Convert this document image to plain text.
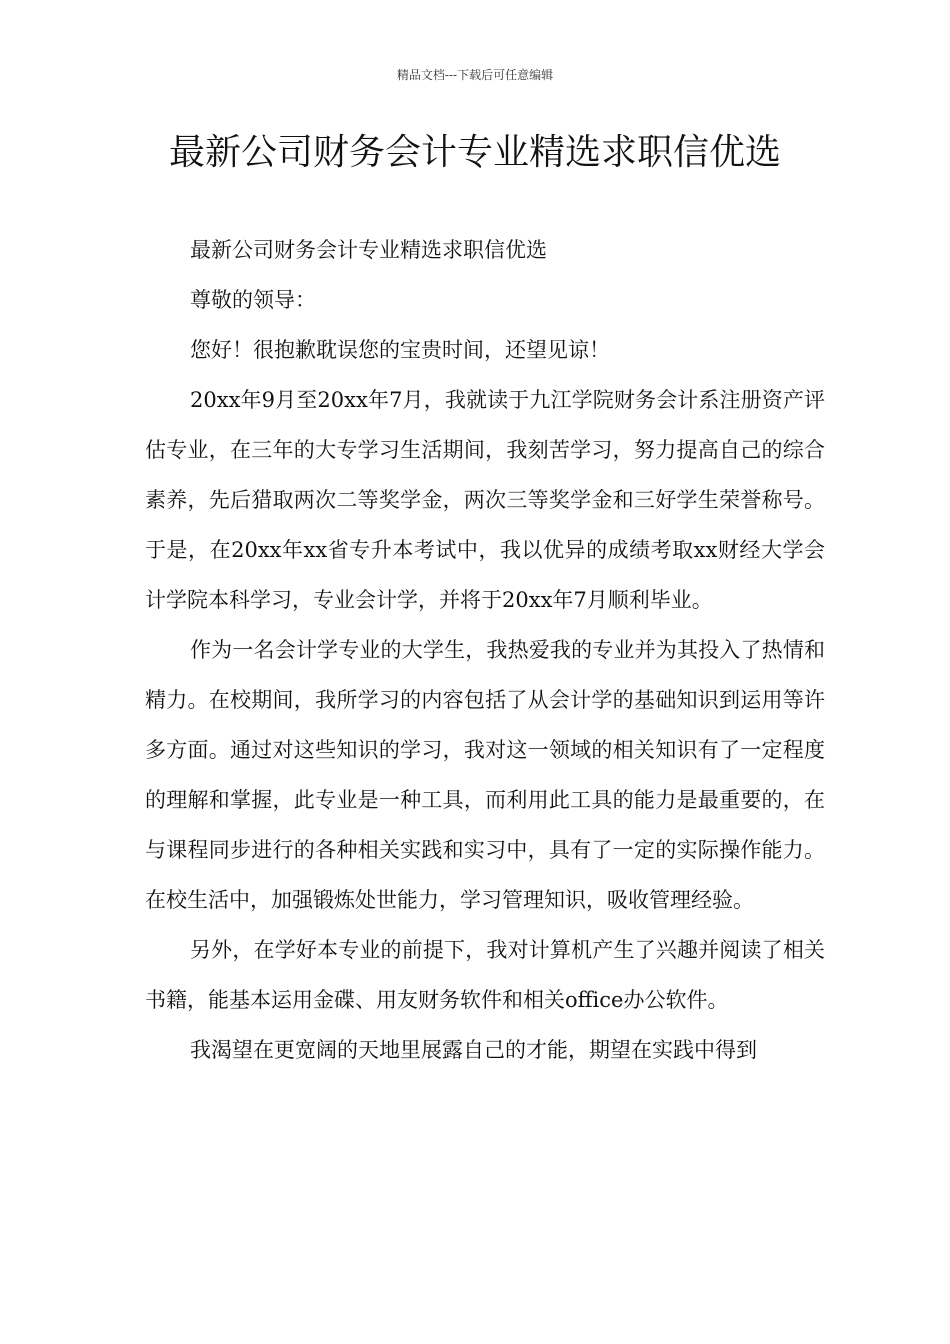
精品文档---下载后可任意编辑
最新公司财务会计专业精选求职信优选

最新公司财务会计专业精选求职信优选

尊敬的领导：

您好！很抱歉耽误您的宝贵时间，还望见谅！

20xx年9月至20xx年7月，我就读于九江学院财务会计系注册资产评估专业，在三年的大专学习生活期间，我刻苦学习，努力提高自己的综合素养，先后猎取两次二等奖学金，两次三等奖学金和三好学生荣誉称号。于是，在20xx年xx省专升本考试中，我以优异的成绩考取xx财经大学会计学院本科学习，专业会计学，并将于20xx年7月顺利毕业。

作为一名会计学专业的大学生，我热爱我的专业并为其投入了热情和精力。在校期间，我所学习的内容包括了从会计学的基础知识到运用等许多方面。通过对这些知识的学习，我对这一领域的相关知识有了一定程度的理解和掌握，此专业是一种工具，而利用此工具的能力是最重要的，在与课程同步进行的各种相关实践和实习中，具有了一定的实际操作能力。在校生活中，加强锻炼处世能力，学习管理知识，吸收管理经验。

另外，在学好本专业的前提下，我对计算机产生了兴趣并阅读了相关书籍，能基本运用金碟、用友财务软件和相关office办公软件。

我渴望在更宽阔的天地里展露自己的才能，期望在实践中得到
